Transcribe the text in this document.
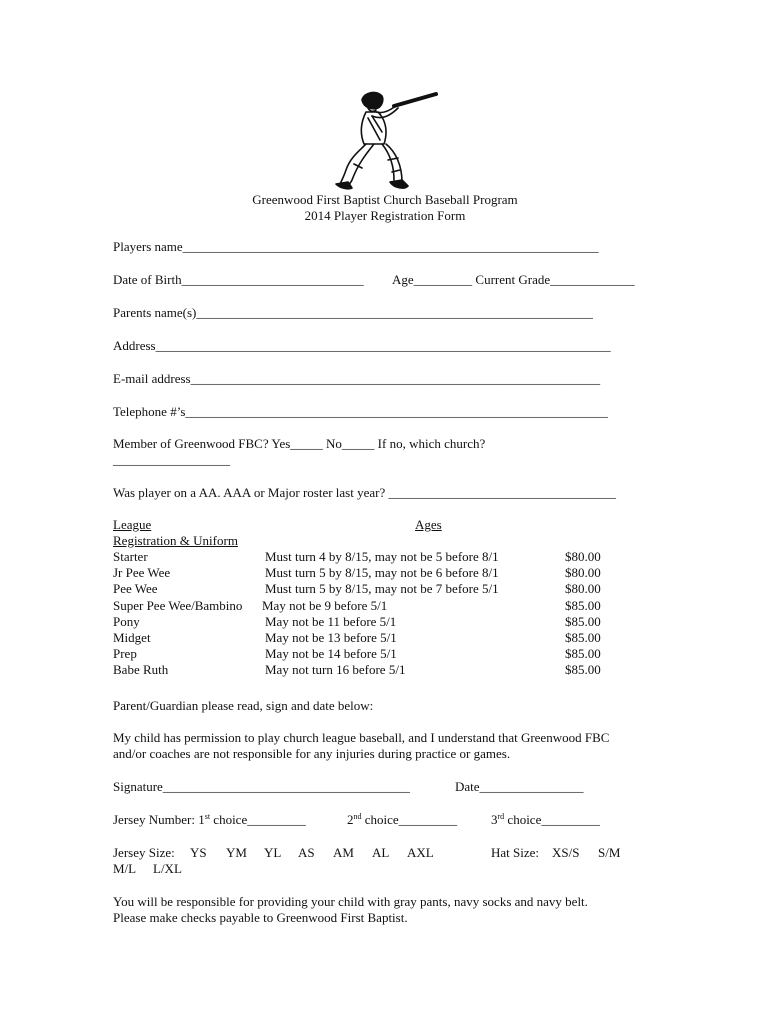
Greenwood First Baptist Church Baseball Program
2014 Player Registration Form
Players name________________________________________________________________
Date of Birth____________________________ Age_________ Current Grade_____________
Parents name(s)_____________________________________________________________
Address______________________________________________________________________
E-mail address_______________________________________________________________
Telephone #’s_________________________________________________________________
Member of Greenwood FBC? Yes_____ No_____ If no, which church?
__________________
Was player on a AA. AAA or Major roster last year? ___________________________________
League	Ages
Registration & Uniform
Starter	Must turn 4 by 8/15, may not be 5 before 8/1	$80.00
Jr Pee Wee	Must turn 5 by 8/15, may not be 6 before 8/1	$80.00
Pee Wee	Must turn 5 by 8/15, may not be 7 before 5/1	$80.00
Super Pee Wee/Bambino May not be 9 before 5/1	$85.00
Pony	May not be 11 before 5/1	$85.00
Midget	May not be 13 before 5/1	$85.00
Prep	May not be 14 before 5/1	$85.00
Babe Ruth	May not turn 16 before 5/1	$85.00
Parent/Guardian please read, sign and date below:
My child has permission to play church league baseball, and I understand that Greenwood FBC
and/or coaches are not responsible for any injuries during practice or games.
Signature______________________________________	Date________________
Jersey Number: 1st choice_________	2nd choice_________	3rd choice_________
Jersey Size: YS YM YL AS AM AL AXL	Hat Size: XS/S S/M
M/L L/XL
You will be responsible for providing your child with gray pants, navy socks and navy belt.
Please make checks payable to Greenwood First Baptist.
